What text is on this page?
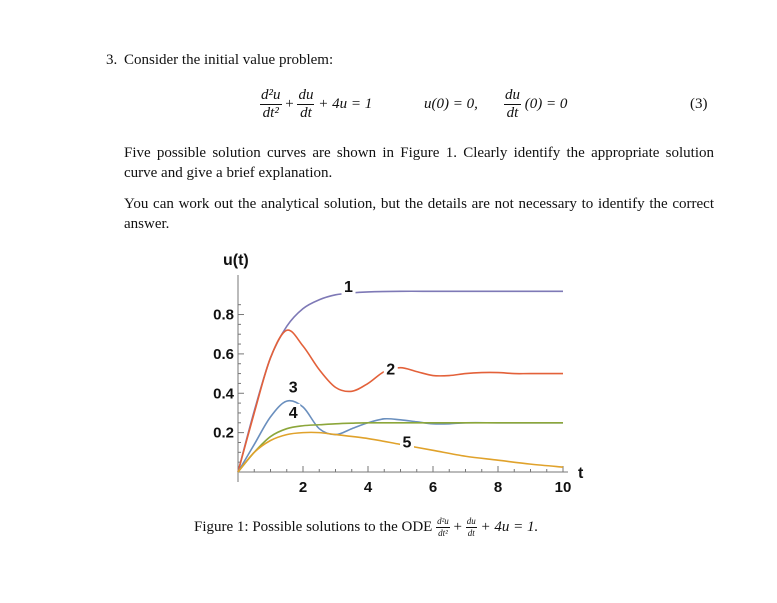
3. Consider the initial value problem:
$\frac{\text{d²u}}{\text{dt²}} + \frac{du}{dt} + 4u = 1$	u(0) = 0, $\frac{du}{dt} (0) = 0$	(3)
Five possible solution curves are shown in Figure 1. Clearly identify the appropriate solution curve and give a brief explanation.
You can work out the analytical solution, but the details are not necessary to identify the correct answer.
u(t)
t
2	4	6	8	10
0.2
0.4
0.6
0.8
1
2
3
4
5
Figure 1: Possible solutions to the ODE $\frac{\text{d²u}}{\text{dt²}} + \frac{du}{dt} + 4u = 1$.
